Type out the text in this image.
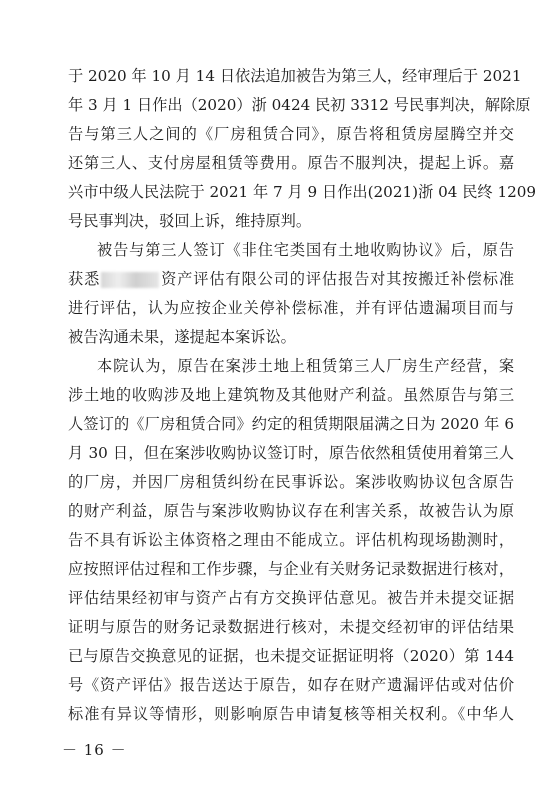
于 2020 年 10 月 14 日依法追加被告为第三人，经审理后于 2021
年 3 月 1 日作出（2020）浙 0424 民初 3312 号民事判决，解除原
告与第三人之间的《厂房租赁合同》，原告将租赁房屋腾空并交
还第三人、支付房屋租赁等费用。原告不服判决，提起上诉。嘉
兴市中级人民法院于 2021 年 7 月 9 日作出(2021)浙 04 民终 1209
号民事判决，驳回上诉，维持原判。
被告与第三人签订《非住宅类国有土地收购协议》后，原告
获悉	资产评估有限公司的评估报告对其按搬迁补偿标准
进行评估，认为应按企业关停补偿标准，并有评估遗漏项目而与
被告沟通未果，遂提起本案诉讼。
本院认为，原告在案涉土地上租赁第三人厂房生产经营，案
涉土地的收购涉及地上建筑物及其他财产利益。虽然原告与第三
人签订的《厂房租赁合同》约定的租赁期限届满之日为 2020 年 6
月 30 日，但在案涉收购协议签订时，原告依然租赁使用着第三人
的厂房，并因厂房租赁纠纷在民事诉讼。案涉收购协议包含原告
的财产利益，原告与案涉收购协议存在利害关系，故被告认为原
告不具有诉讼主体资格之理由不能成立。评估机构现场勘测时，
应按照评估过程和工作步骤，与企业有关财务记录数据进行核对，
评估结果经初审与资产占有方交换评估意见。被告并未提交证据
证明与原告的财务记录数据进行核对，未提交经初审的评估结果
已与原告交换意见的证据，也未提交证据证明将（2020）第 144
号《资产评估》报告送达于原告，如存在财产遗漏评估或对估价
标准有异议等情形，则影响原告申请复核等相关权利。《中华人
－ 16 －
